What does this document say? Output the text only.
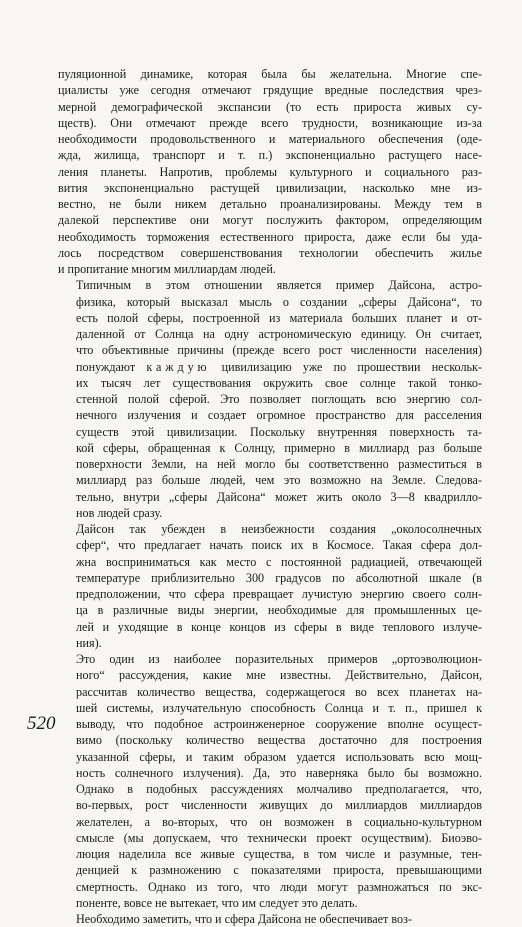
520

пуляционной динамике, которая была бы желательна. Многие спе-
циалисты уже сегодня отмечают грядущие вредные последствия чрез-
мерной демографической экспансии (то есть прироста живых су-
ществ). Они отмечают прежде всего трудности, возникающие из-за
необходимости продовольственного и материального обеспечения (оде-
жда, жилища, транспорт и т. п.) экспоненциально растущего насе-
ления планеты. Напротив, проблемы культурного и социального раз-
вития экспоненциально растущей цивилизации, насколько мне из-
вестно, не были никем детально проанализированы. Между тем в
далекой перспективе они могут послужить фактором, определяющим
необходимость торможения естественного прироста, даже если бы уда-
лось посредством совершенствования технологии обеспечить жилье
и пропитание многим миллиардам людей.

Типичным в этом отношении является пример Дайсона, астро-
физика, который высказал мысль о создании „сферы Дайсона“, то
есть полой сферы, построенной из материала больших планет и от-
даленной от Солнца на одну астрономическую единицу. Он считает,
что объективные причины (прежде всего рост численности населения)
понуждают каждую цивилизацию уже по прошествии нескольк-
их тысяч лет существования окружить свое солнце такой тонко-
стенной полой сферой. Это позволяет поглощать всю энергию сол-
нечного излучения и создает огромное пространство для расселения
существ этой цивилизации. Поскольку внутренняя поверхность та-
кой сферы, обращенная к Солнцу, примерно в миллиард раз больше
поверхности Земли, на ней могло бы соответственно разместиться в
миллиард раз больше людей, чем это возможно на Земле. Следова-
тельно, внутри „сферы Дайсона“ может жить около 3—8 квадрилло-
нов людей сразу.

Дайсон так убежден в неизбежности создания „околосолнечных
сфер“, что предлагает начать поиск их в Космосе. Такая сфера дол-
жна восприниматься как место с постоянной радиацией, отвечающей
температуре приблизительно 300 градусов по абсолютной шкале (в
предположении, что сфера превращает лучистую энергию своего солн-
ца в различные виды энергии, необходимые для промышленных це-
лей и уходящие в конце концов из сферы в виде теплового излуче-
ния).

Это один из наиболее поразительных примеров „ортоэволюцион-
ного“ рассуждения, какие мне известны. Действительно, Дайсон,
рассчитав количество вещества, содержащегося во всех планетах на-
шей системы, излучательную способность Солнца и т. п., пришел к
выводу, что подобное астроинженерное сооружение вполне осущест-
вимо (поскольку количество вещества достаточно для построения
указанной сферы, и таким образом удается использовать всю мощ-
ность солнечного излучения). Да, это наверняка было бы возможно.
Однако в подобных рассуждениях молчаливо предполагается, что,
во-первых, рост численности живущих до миллиардов миллиардов
желателен, а во-вторых, что он возможен в социально-культурном
смысле (мы допускаем, что технически проект осуществим). Биоэво-
люция наделила все живые существа, в том числе и разумные, тен-
денцией к размножению с показателями прироста, превышающими
смертность. Однако из того, что люди могут размножаться по экс-
поненте, вовсе не вытекает, что им следует это делать.

Необходимо заметить, что и сфера Дайсона не обеспечивает воз-
